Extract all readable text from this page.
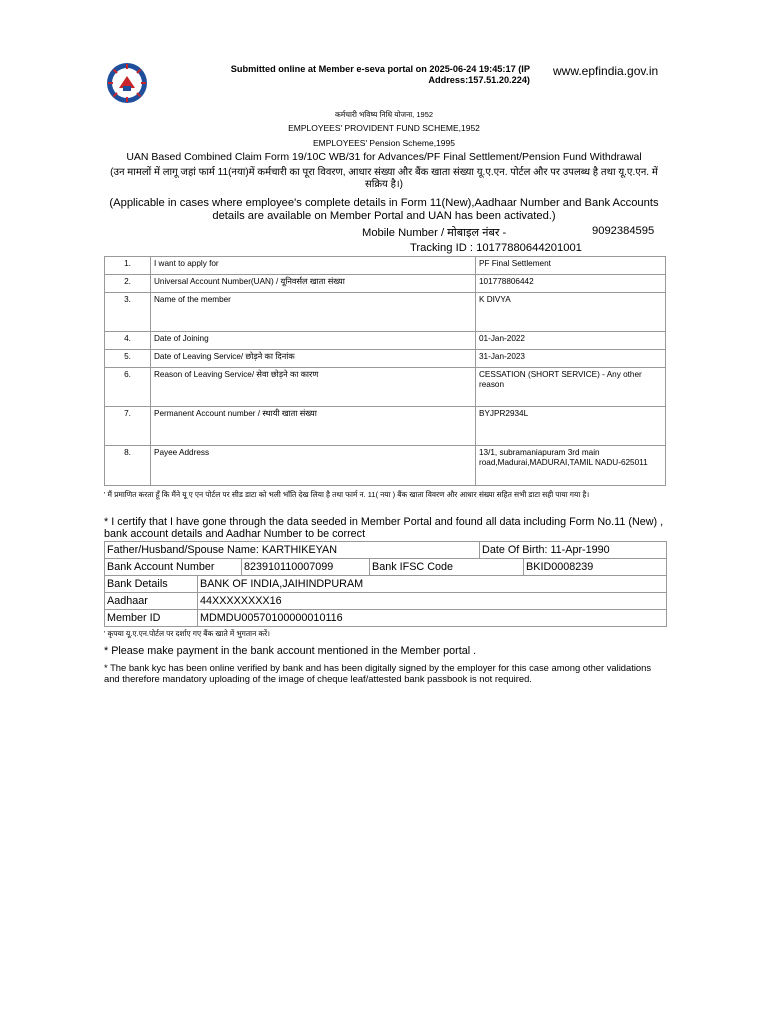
Submitted online at Member e-seva portal on 2025-06-24 19:45:17 (IP Address:157.51.20.224)
www.epfindia.gov.in
कर्मचारी भविष्य निधि योजना, 1952
EMPLOYEES' PROVIDENT FUND SCHEME,1952
EMPLOYEES' Pension Scheme,1995
UAN Based Combined Claim Form 19/10C WB/31 for Advances/PF Final Settlement/Pension Fund Withdrawal
(उन मामलों में लागू जहां फार्म 11(नया)में कर्मचारी का पूरा विवरण, आधार संख्या और बैंक खाता संख्या यू.ए.एन. पोर्टल और पर उपलब्ध है तथा यू.ए.एन. में सक्रिय है।)
(Applicable in cases where employee's complete details in Form 11(New),Aadhaar Number and Bank Accounts details are available on Member Portal and UAN has been activated.)
Mobile Number / मोबाइल नंबर -	9092384595
Tracking ID : 10177880644201001
1.	I want to apply for	PF Final Settlement
2.	Universal Account Number(UAN) / यूनिवर्सल खाता संख्या	101778806442
3.	Name of the member	K DIVYA
4.	Date of Joining	01-Jan-2022
5.	Date of Leaving Service/ छोड़ने का दिनांक	31-Jan-2023
6.	Reason of Leaving Service/ सेवा छोड़ने का कारण	CESSATION (SHORT SERVICE) - Any other reason
7.	Permanent Account number / स्थायी खाता संख्या	BYJPR2934L
8.	Payee Address	13/1, subramaniapuram 3rd main road,Madurai,MADURAI,TAMIL NADU-625011
' मैं प्रमाणित करता हूँ कि मैंने यू ए एन पोर्टल पर सीड डाटा को भली भाँति देख लिया है तथा फार्म न. 11( नया ) बैंक खाता विवरण और आधार संख्या सहित सभी डाटा सही पाया गया है।
* I certify that I have gone through the data seeded in Member Portal and found all data including Form No.11 (New) , bank account details and Aadhar Number to be correct
Father/Husband/Spouse Name: KARTHIKEYAN				Date Of Birth: 11-Apr-1990	
Bank Account Number		823910110007099	Bank IFSC Code		BKID0008239
Bank Details	BANK OF INDIA,JAIHINDPURAM				
Aadhaar	44XXXXXXXX16				
Member ID	MDMDU00570100000010116				
' कृपया यू.ए.एन.पोर्टल पर दर्शाए गए बैंक खाते में भुगतान करें।
* Please make payment in the bank account mentioned in the Member portal .
* The bank kyc has been online verified by bank and has been digitally signed by the employer for this case among other validations and therefore mandatory uploading of the image of cheque leaf/attested bank passbook is not required.
